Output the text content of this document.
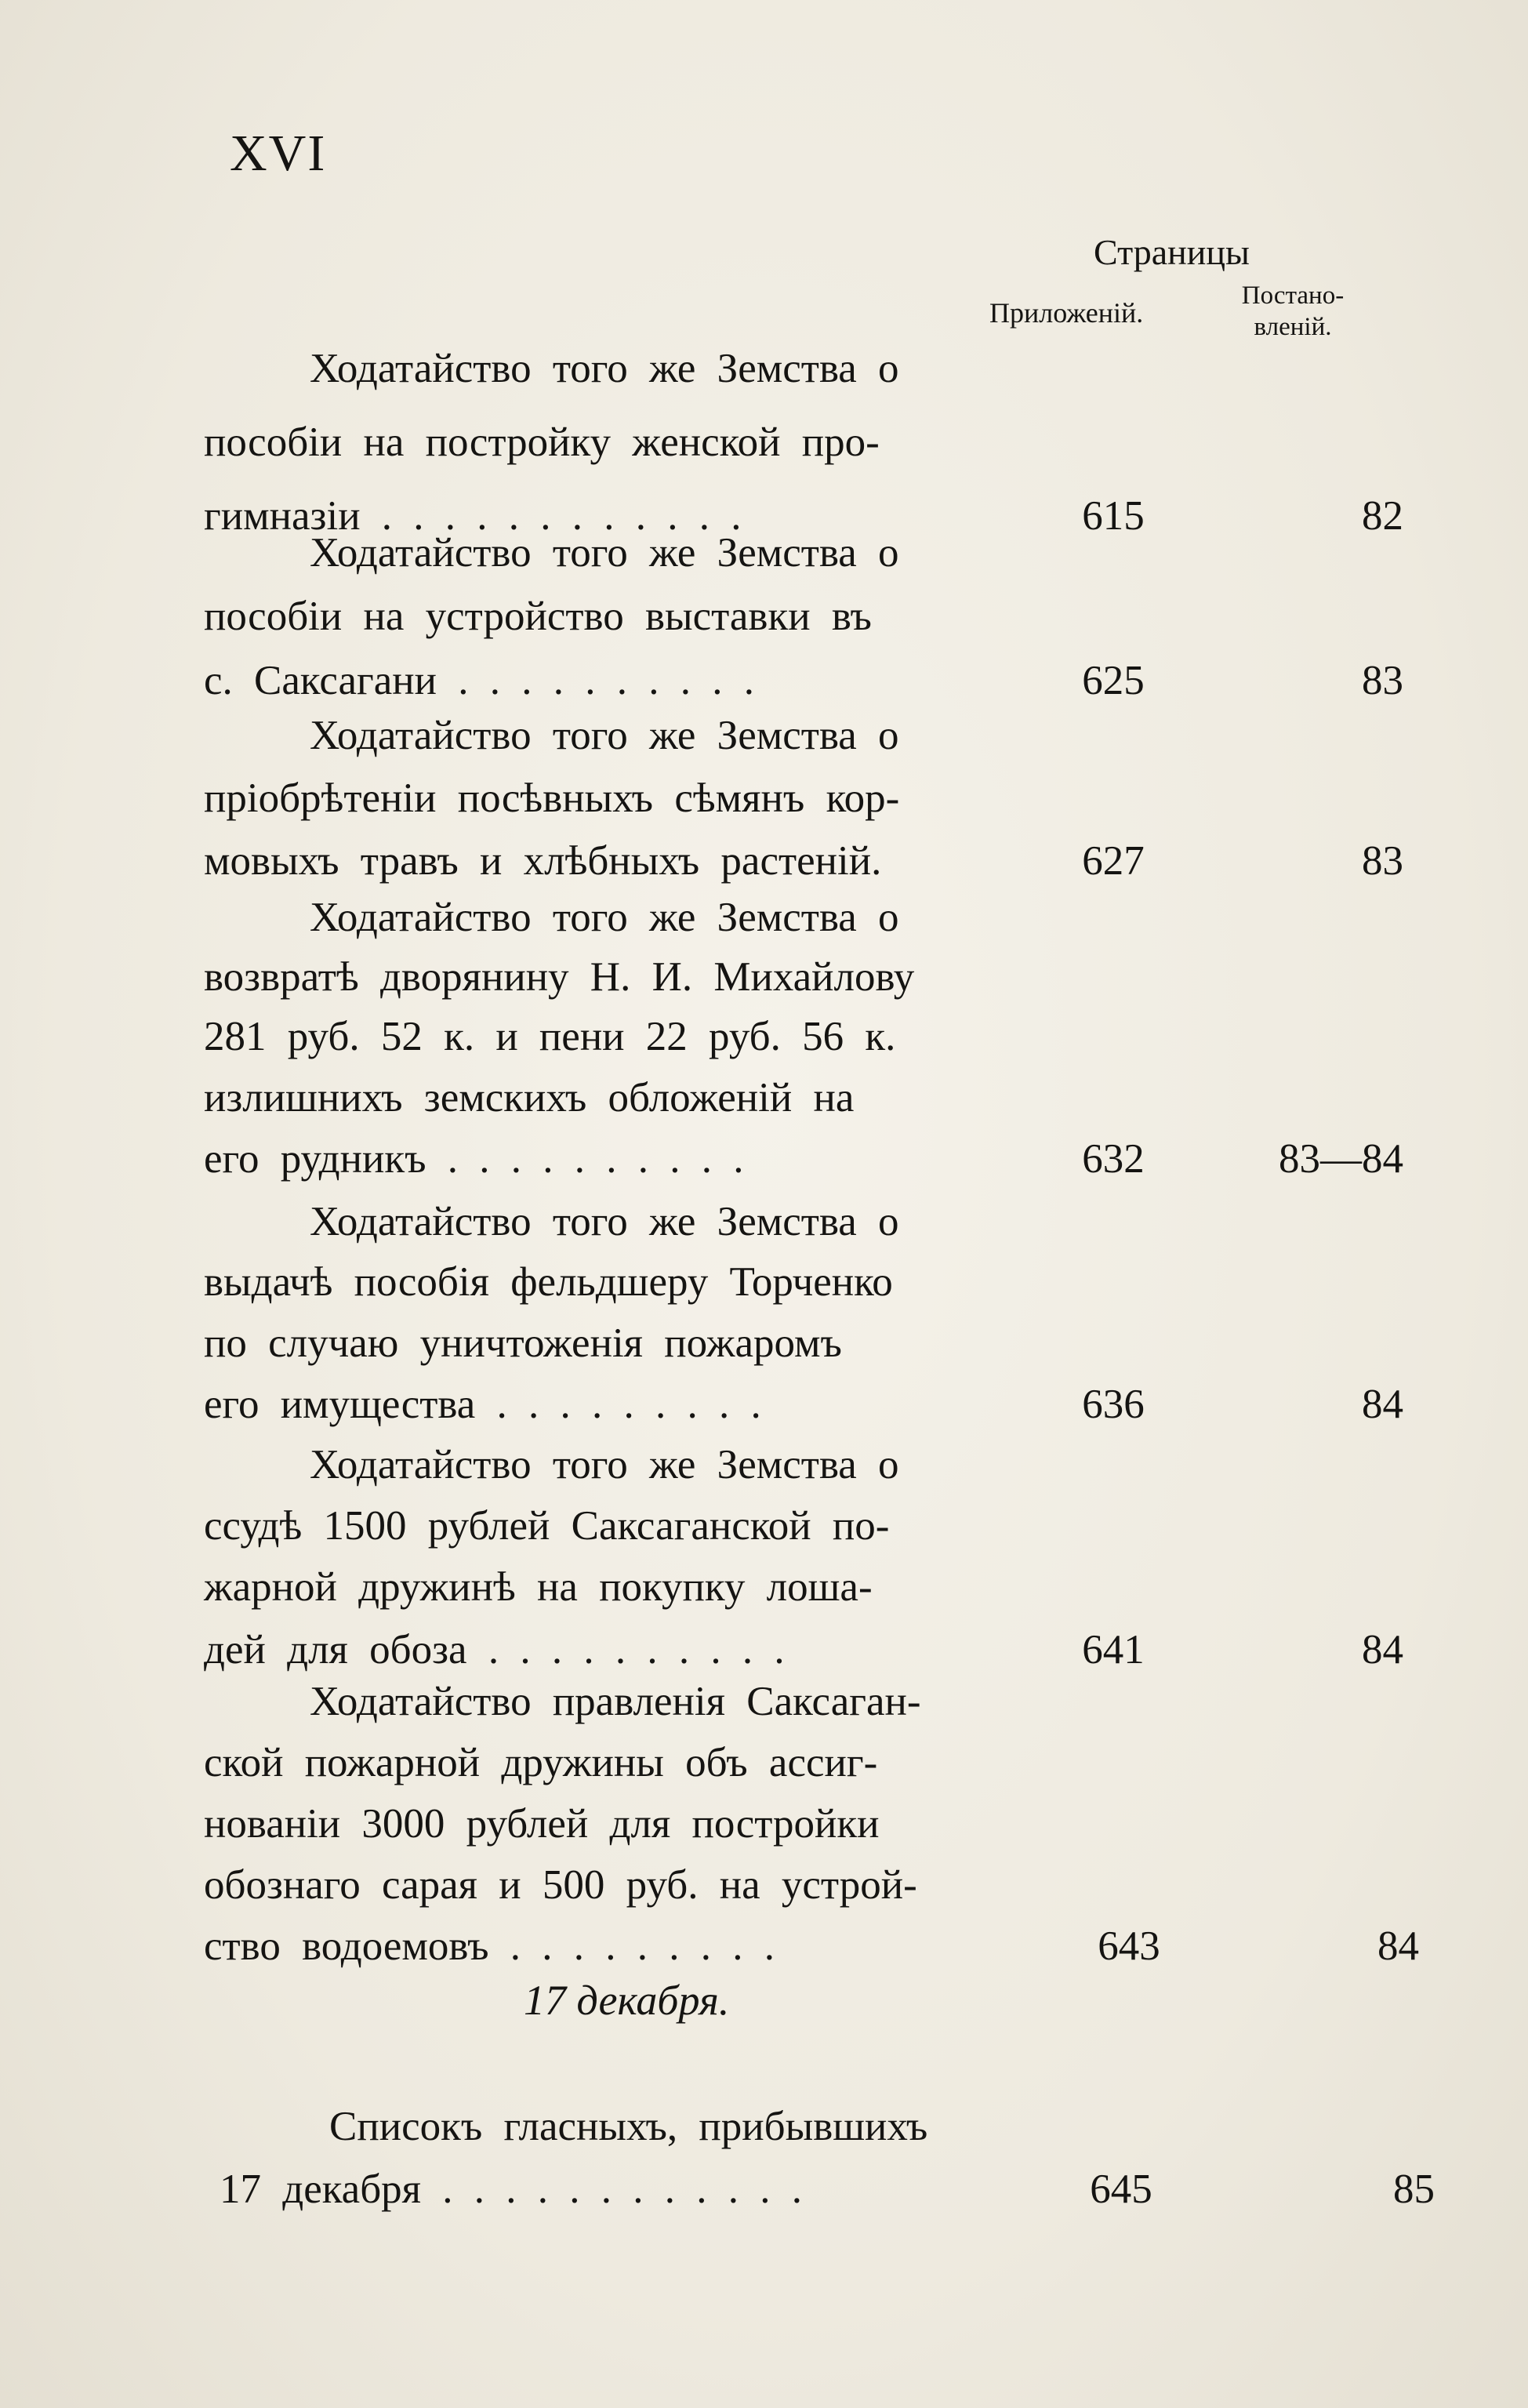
XVI
Страницы
Приложеній.
Постано-
вленій.
Ходатайство того же Земства о
пособіи на постройку женской про-
гимназіи . . . . . . . . . . . .	615	82
Ходатайство того же Земства о
пособіи на устройство выставки въ
с. Саксагани . . . . . . . . . .	625	83
Ходатайство того же Земства о
пріобрѣтеніи посѣвныхъ сѣмянъ кор-
мовыхъ травъ и хлѣбныхъ растеній.	627	83
Ходатайство того же Земства о
возвратѣ дворянину Н. И. Михайлову
281 руб. 52 к. и пени 22 руб. 56 к.
излишнихъ земскихъ обложеній на
его рудникъ . . . . . . . . . .	632	83—84
Ходатайство того же Земства о
выдачѣ пособія фельдшеру Торченко
по случаю уничтоженія пожаромъ
его имущества . . . . . . . . .	636	84
Ходатайство того же Земства о
ссудѣ 1500 рублей Саксаганской по-
жарной дружинѣ на покупку лошa-
дей для обоза . . . . . . . . . .	641	84
Ходатайство правленія Саксаган-
ской пожарной дружины объ ассиг-
нованіи 3000 рублей для постройки
обознаго сарая и 500 руб. на устрой-
ство водоемовъ . . . . . . . . .	643	84
17 декабря.
Списокъ гласныхъ, прибывшихъ
17 декабря . . . . . . . . . . . .	645	85
